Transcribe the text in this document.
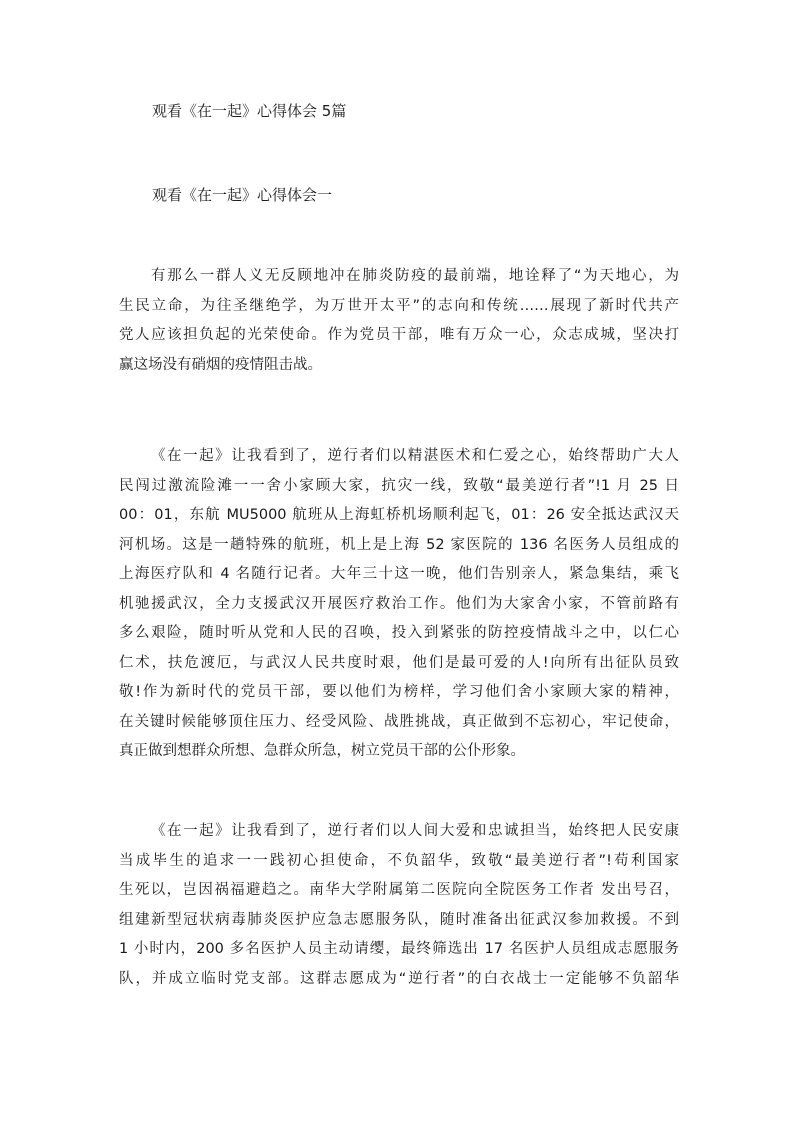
观看《在一起》心得体会 5篇
观看《在一起》心得体会一

有那么一群人义无反顾地冲在肺炎防疫的最前端，地诠释了“为天地心，为
生民立命，为往圣继绝学，为万世开太平”的志向和传统……展现了新时代共产
党人应该担负起的光荣使命。作为党员干部，唯有万众一心，众志成城，坚决打
赢这场没有硝烟的疫情阻击战。

《在一起》让我看到了，逆行者们以精湛医术和仁爱之心，始终帮助广大人
民闯过激流险滩一一舍小家顾大家，抗灾一线，致敬“最美逆行者”!1 月 25 日
00：01，东航 MU5000 航班从上海虹桥机场顺利起飞，01：26 安全抵达武汉天
河机场。这是一趟特殊的航班，机上是上海 52 家医院的 136 名医务人员组成的
上海医疗队和 4 名随行记者。大年三十这一晚，他们告别亲人，紧急集结，乘飞
机驰援武汉，全力支援武汉开展医疗救治工作。他们为大家舍小家，不管前路有
多么艰险，随时听从党和人民的召唤，投入到紧张的防控疫情战斗之中，以仁心
仁术，扶危渡厄，与武汉人民共度时艰，他们是最可爱的人!向所有出征队员致
敬!作为新时代的党员干部，要以他们为榜样，学习他们舍小家顾大家的精神，
在关键时候能够顶住压力、经受风险、战胜挑战，真正做到不忘初心，牢记使命，
真正做到想群众所想、急群众所急，树立党员干部的公仆形象。

《在一起》让我看到了，逆行者们以人间大爱和忠诚担当，始终把人民安康
当成毕生的追求一一践初心担使命，不负韶华，致敬“最美逆行者”!苟利国家
生死以，岂因祸福避趋之。南华大学附属第二医院向全院医务工作者 发出号召，
组建新型冠状病毒肺炎医护应急志愿服务队，随时准备出征武汉参加救援。不到
1 小时内，200 多名医护人员主动请缨，最终筛选出 17 名医护人员组成志愿服务
队，并成立临时党支部。这群志愿成为“逆行者”的白衣战士一定能够不负韶华
